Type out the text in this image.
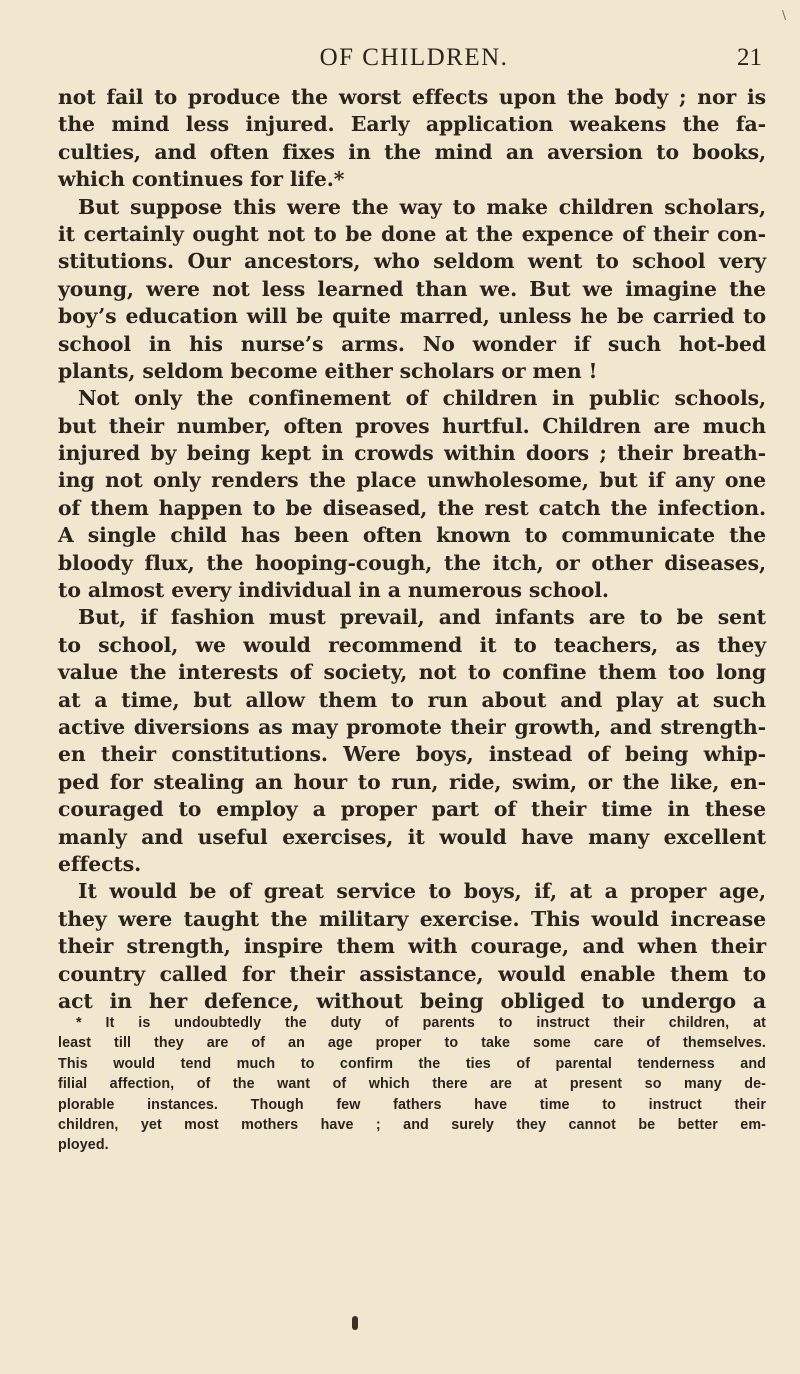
\
OF CHILDREN.	21
not fail to produce the worst effects upon the body ; nor is
the mind less injured. Early application weakens the fa-
culties, and often fixes in the mind an aversion to books,
which continues for life.*
But suppose this were the way to make children scholars,
it certainly ought not to be done at the expence of their con-
stitutions. Our ancestors, who seldom went to school very
young, were not less learned than we. But we imagine the
boy’s education will be quite marred, unless he be carried to
school in his nurse’s arms. No wonder if such hot-bed
plants, seldom become either scholars or men !
Not only the confinement of children in public schools,
but their number, often proves hurtful. Children are much
injured by being kept in crowds within doors ; their breath-
ing not only renders the place unwholesome, but if any one
of them happen to be diseased, the rest catch the infection.
A single child has been often known to communicate the
bloody flux, the hooping-cough, the itch, or other diseases,
to almost every individual in a numerous school.
But, if fashion must prevail, and infants are to be sent
to school, we would recommend it to teachers, as they
value the interests of society, not to confine them too long
at a time, but allow them to run about and play at such
active diversions as may promote their growth, and strength-
en their constitutions. Were boys, instead of being whip-
ped for stealing an hour to run, ride, swim, or the like, en-
couraged to employ a proper part of their time in these
manly and useful exercises, it would have many excellent
effects.
It would be of great service to boys, if, at a proper age,
they were taught the military exercise. This would increase
their strength, inspire them with courage, and when their
country called for their assistance, would enable them to
act in her defence, without being obliged to undergo a
* It is undoubtedly the duty of parents to instruct their children, at
least till they are of an age proper to take some care of themselves.
This would tend much to confirm the ties of parental tenderness and
filial affection, of the want of which there are at present so many de-
plorable instances. Though few fathers have time to instruct their
children, yet most mothers have ; and surely they cannot be better em-
ployed.
